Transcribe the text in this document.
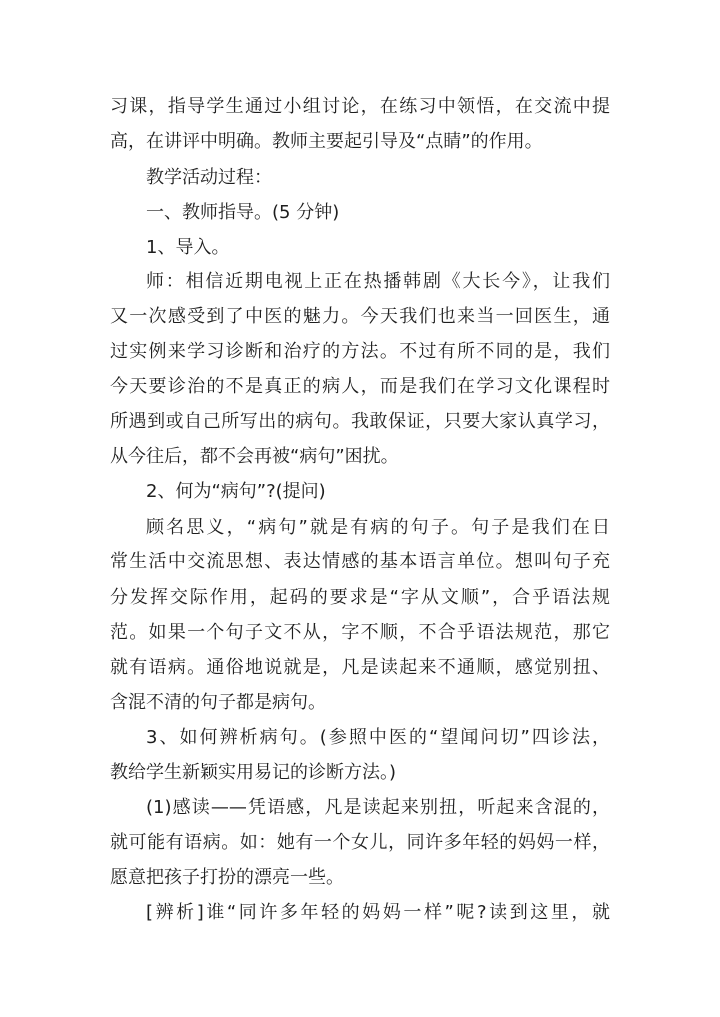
习课，指导学生通过小组讨论，在练习中领悟，在交流中提
高，在讲评中明确。教师主要起引导及“点睛”的作用。
教学活动过程：
一、教师指导。(5 分钟)
1、导入。
师：相信近期电视上正在热播韩剧《大长今》，让我们
又一次感受到了中医的魅力。今天我们也来当一回医生，通
过实例来学习诊断和治疗的方法。不过有所不同的是，我们
今天要诊治的不是真正的病人，而是我们在学习文化课程时
所遇到或自己所写出的病句。我敢保证，只要大家认真学习，
从今往后，都不会再被“病句”困扰。
2、何为“病句”?(提问)
顾名思义，“病句”就是有病的句子。句子是我们在日
常生活中交流思想、表达情感的基本语言单位。想叫句子充
分发挥交际作用，起码的要求是“字从文顺”，合乎语法规
范。如果一个句子文不从，字不顺，不合乎语法规范，那它
就有语病。通俗地说就是，凡是读起来不通顺，感觉别扭、
含混不清的句子都是病句。
3、如何辨析病句。(参照中医的“望闻问切”四诊法，
教给学生新颖实用易记的诊断方法。)
(1)感读——凭语感，凡是读起来别扭，听起来含混的，
就可能有语病。如：她有一个女儿，同许多年轻的妈妈一样，
愿意把孩子打扮的漂亮一些。
[辨析]谁“同许多年轻的妈妈一样”呢?读到这里，就
